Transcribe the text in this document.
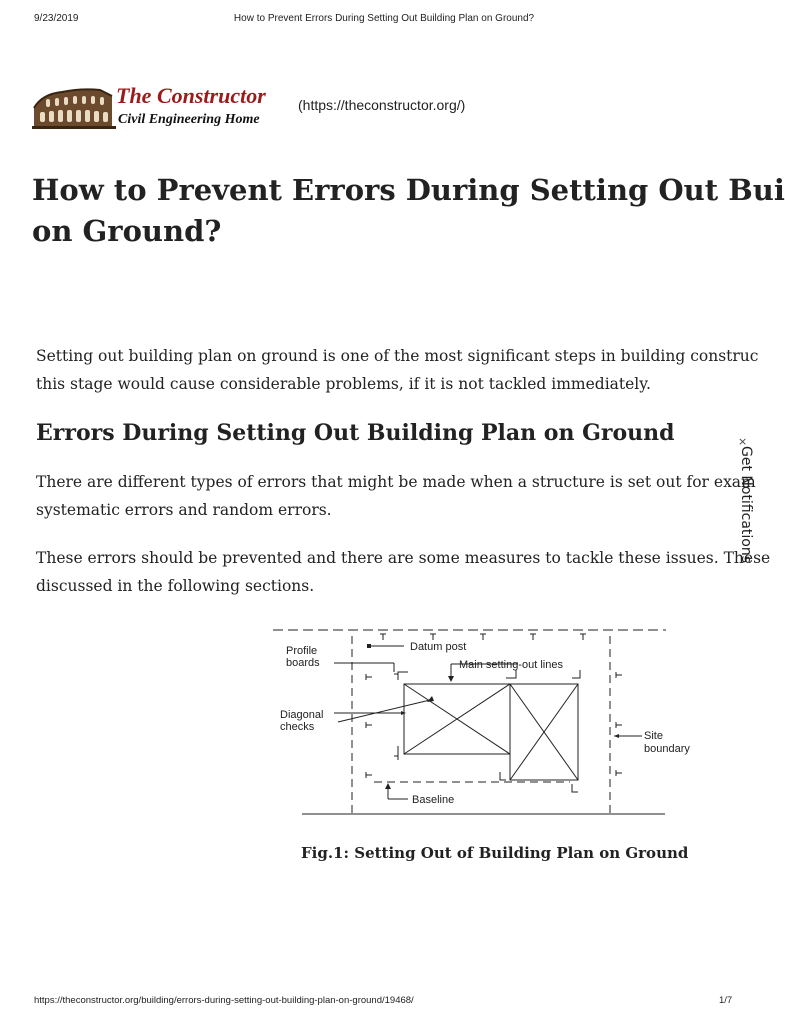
9/23/2019	How to Prevent Errors During Setting Out Building Plan on Ground?
The Constructor
Civil Engineering Home
(https://theconstructor.org/)
How to Prevent Errors During Setting Out Bui
on Ground?

Setting out building plan on ground is one of the most significant steps in building construc
this stage would cause considerable problems, if it is not tackled immediately.

Errors During Setting Out Building Plan on Ground

There are different types of errors that might be made when a structure is set out for exam
systematic errors and random errors.

These errors should be prevented and there are some measures to tackle these issues. These
discussed in the following sections.

Profile
boards
Datum post
Main setting-out lines
Diagonal
checks
Site
boundary
Baseline
Fig.1: Setting Out of Building Plan on Ground
×
Get Notifications
https://theconstructor.org/building/errors-during-setting-out-building-plan-on-ground/19468/	1/7
